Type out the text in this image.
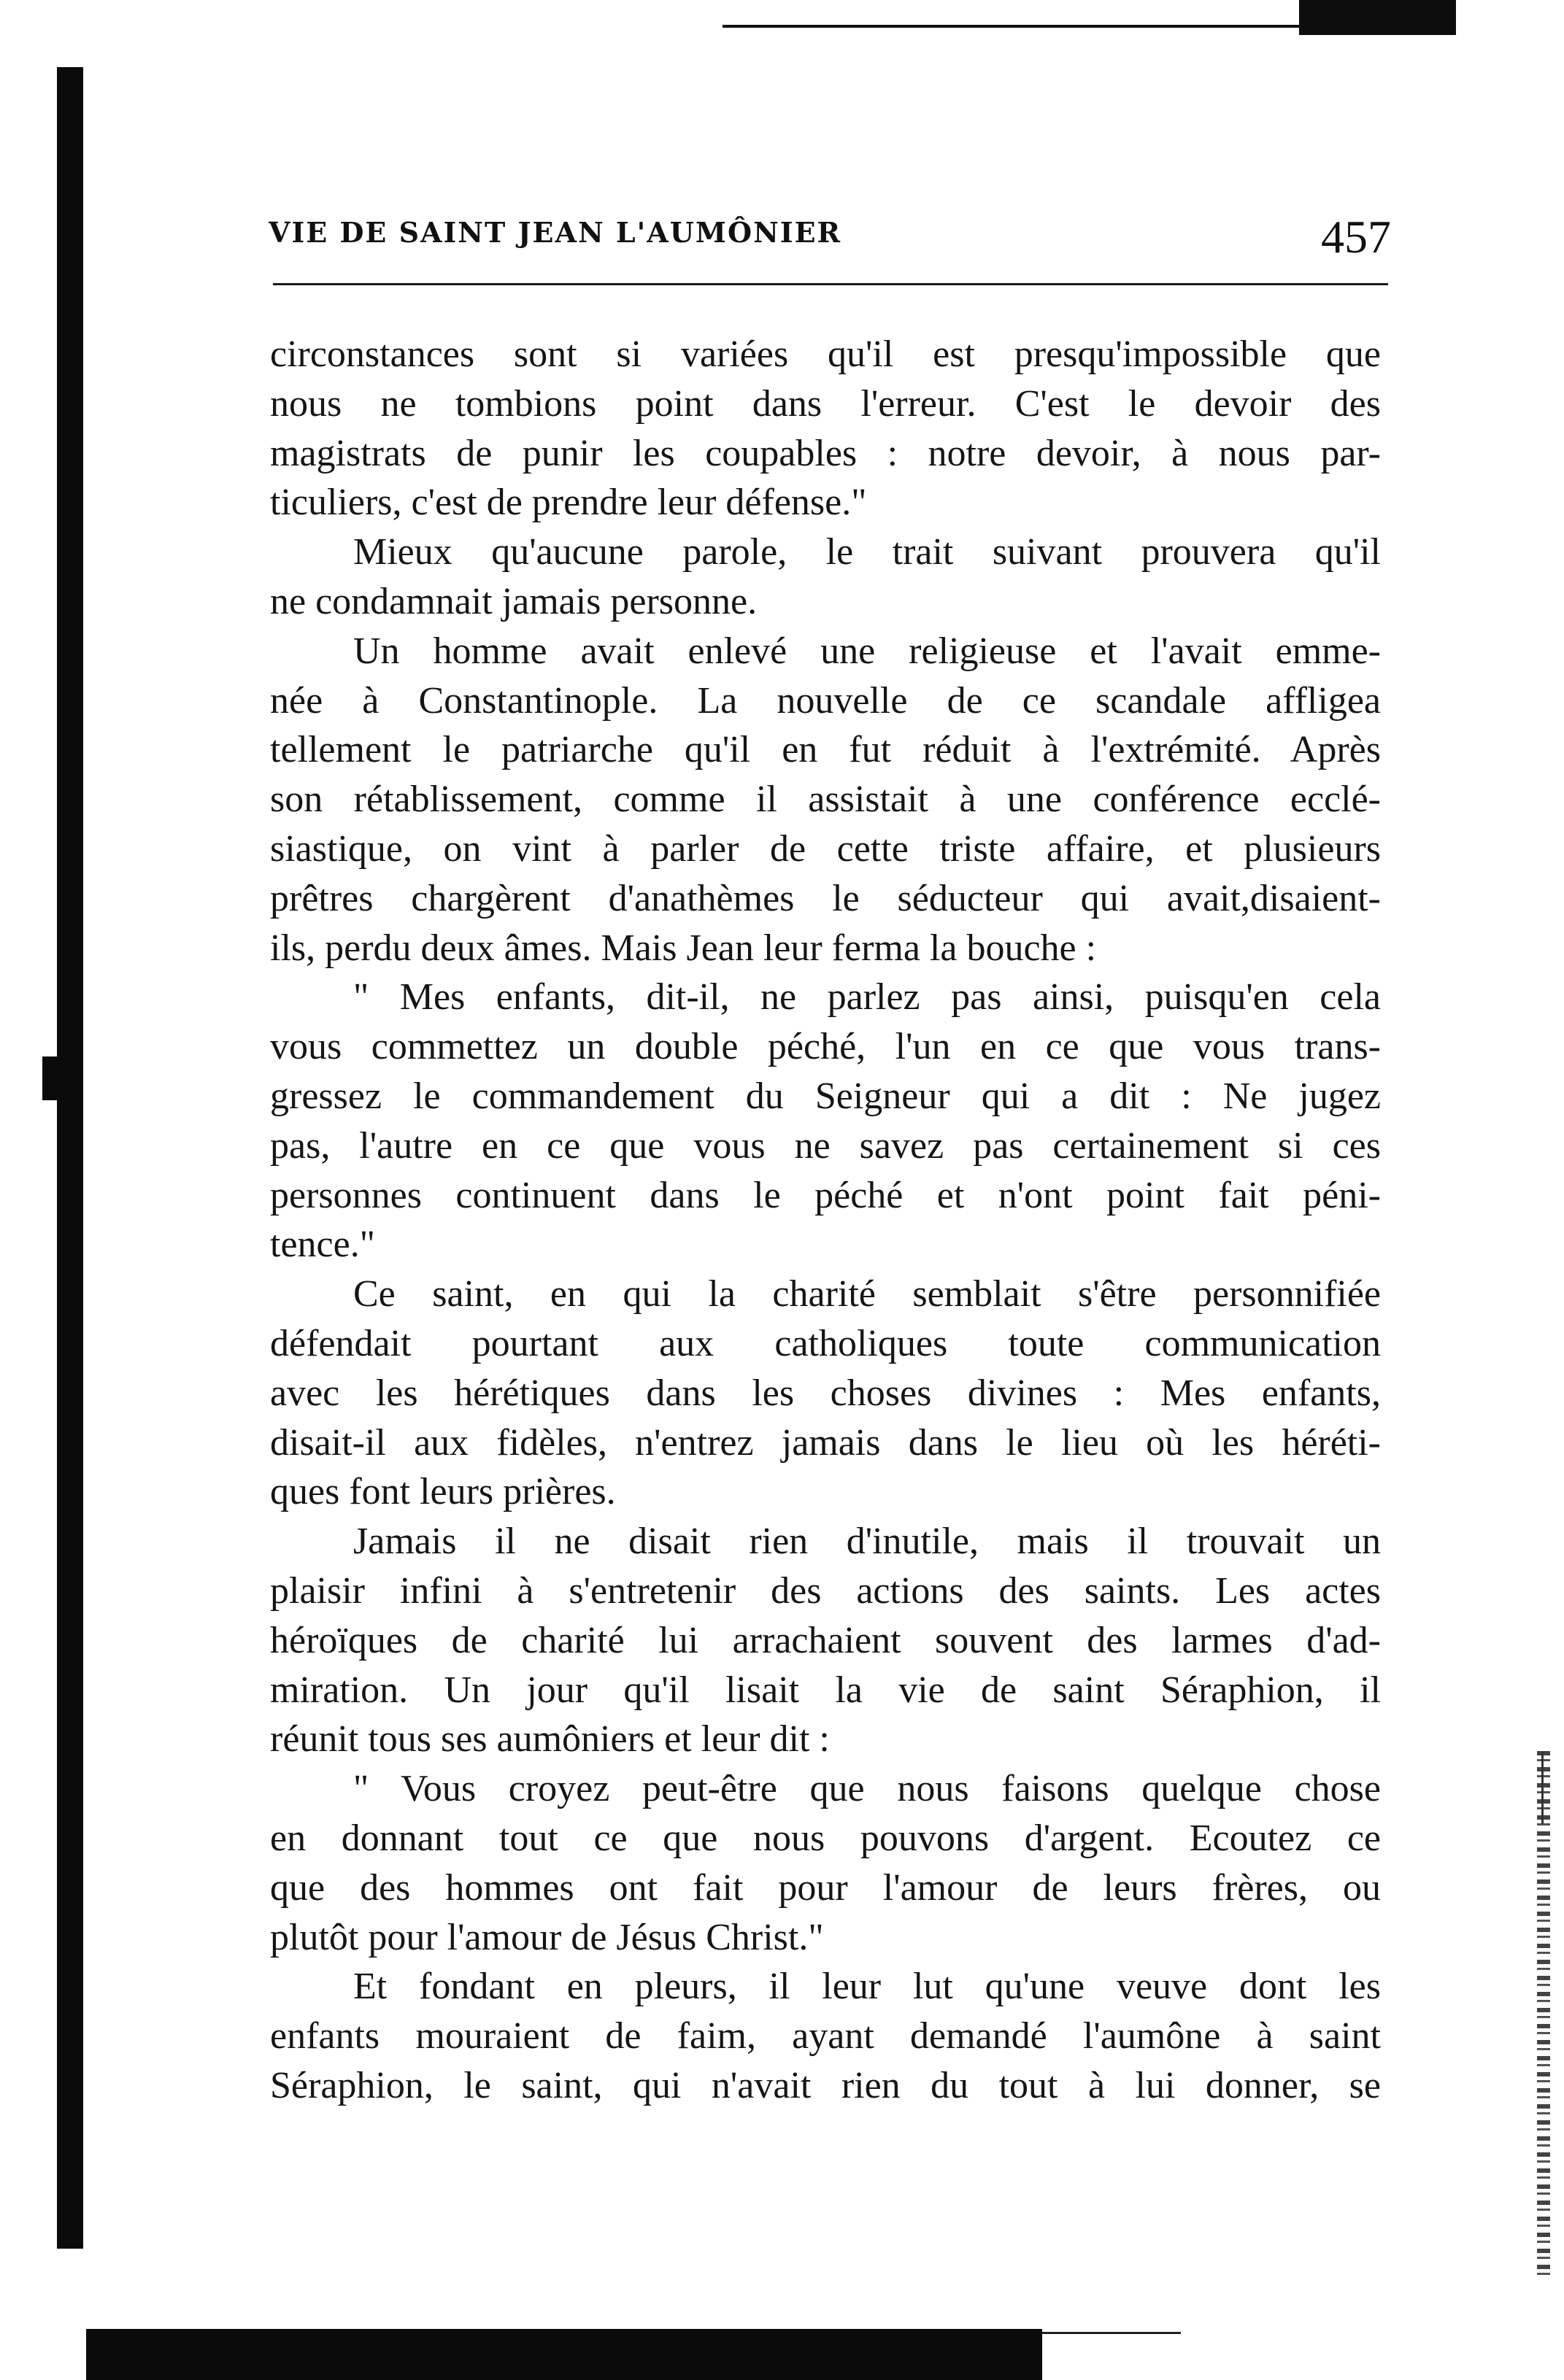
VIE DE SAINT JEAN L'AUMÔNIER	457
circonstances sont si variées qu'il est presqu'impossible que
nous ne tombions point dans l'erreur. C'est le devoir des
magistrats de punir les coupables : notre devoir, à nous par-
ticuliers, c'est de prendre leur défense."
Mieux qu'aucune parole, le trait suivant prouvera qu'il
ne condamnait jamais personne.
Un homme avait enlevé une religieuse et l'avait emme-
née à Constantinople. La nouvelle de ce scandale affligea
tellement le patriarche qu'il en fut réduit à l'extrémité. Après
son rétablissement, comme il assistait à une conférence ecclé-
siastique, on vint à parler de cette triste affaire, et plusieurs
prêtres chargèrent d'anathèmes le séducteur qui avait,disaient-
ils, perdu deux âmes. Mais Jean leur ferma la bouche :
" Mes enfants, dit-il, ne parlez pas ainsi, puisqu'en cela
vous commettez un double péché, l'un en ce que vous trans-
gressez le commandement du Seigneur qui a dit : Ne jugez
pas, l'autre en ce que vous ne savez pas certainement si ces
personnes continuent dans le péché et n'ont point fait péni-
tence."
Ce saint, en qui la charité semblait s'être personnifiée
défendait pourtant aux catholiques toute communication
avec les hérétiques dans les choses divines : Mes enfants,
disait-il aux fidèles, n'entrez jamais dans le lieu où les héréti-
ques font leurs prières.
Jamais il ne disait rien d'inutile, mais il trouvait un
plaisir infini à s'entretenir des actions des saints. Les actes
héroïques de charité lui arrachaient souvent des larmes d'ad-
miration. Un jour qu'il lisait la vie de saint Séraphion, il
réunit tous ses aumôniers et leur dit :
" Vous croyez peut-être que nous faisons quelque chose
en donnant tout ce que nous pouvons d'argent. Ecoutez ce
que des hommes ont fait pour l'amour de leurs frères, ou
plutôt pour l'amour de Jésus Christ."
Et fondant en pleurs, il leur lut qu'une veuve dont les
enfants mouraient de faim, ayant demandé l'aumône à saint
Séraphion, le saint, qui n'avait rien du tout à lui donner, se
